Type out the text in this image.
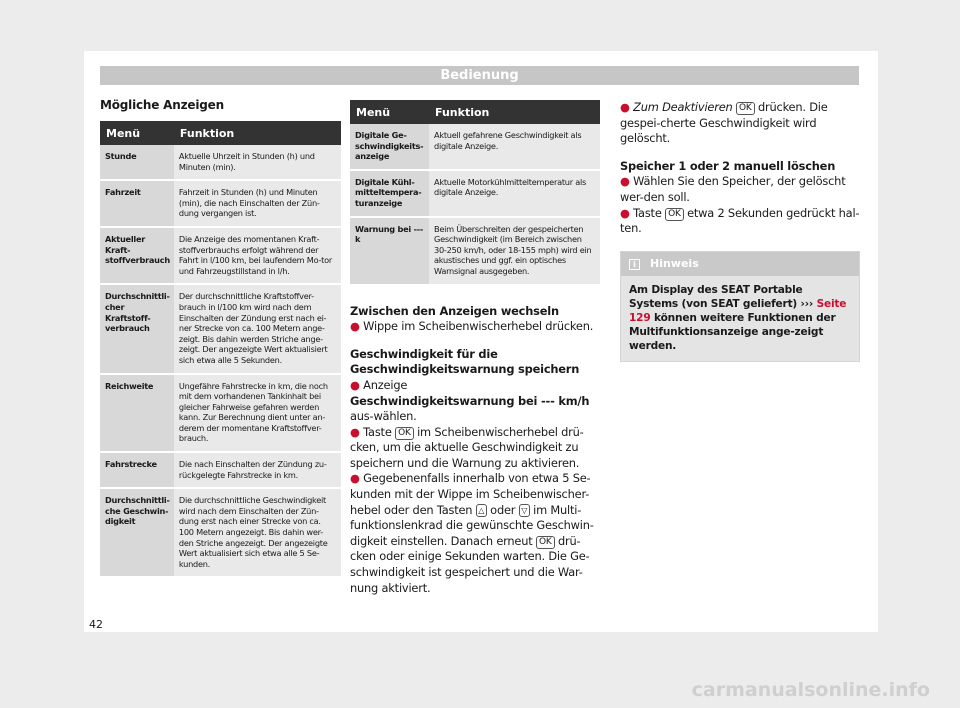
Bedienung
Mögliche Anzeigen
Menü	Funktion
Stunde	Aktuelle Uhrzeit in Stunden (h) und Minuten (min).
Fahrzeit	Fahrzeit in Stunden (h) und Minuten (min), die nach Einschalten der Zün-dung vergangen ist.
Aktueller Kraft-stoffverbrauch	Die Anzeige des momentanen Kraft-stoffverbrauchs erfolgt während der Fahrt in l/100 km, bei laufendem Mo-tor und Fahrzeugstillstand in l/h.
Durchschnittli-cher Kraftstoff-verbrauch	Der durchschnittliche Kraftstoffver-brauch in l/100 km wird nach dem Einschalten der Zündung erst nach ei-ner Strecke von ca. 100 Metern ange-zeigt. Bis dahin werden Striche ange-zeigt. Der angezeigte Wert aktualisiert sich etwa alle 5 Sekunden.
Reichweite	Ungefähre Fahrstrecke in km, die noch mit dem vorhandenen Tankinhalt bei gleicher Fahrweise gefahren werden kann. Zur Berechnung dient unter an-derem der momentane Kraftstoffver-brauch.
Fahrstrecke	Die nach Einschalten der Zündung zu-rückgelegte Fahrstrecke in km.
Durchschnittli-che Geschwin-digkeit	Die durchschnittliche Geschwindigkeit wird nach dem Einschalten der Zün-dung erst nach einer Strecke von ca. 100 Metern angezeigt. Bis dahin wer-den Striche angezeigt. Der angezeigte Wert aktualisiert sich etwa alle 5 Se-kunden.
Menü	Funktion
Digitale Ge-schwindigkeits-anzeige	Aktuell gefahrene Geschwindigkeit als digitale Anzeige.
Digitale Kühl-mitteltempera-turanzeige	Aktuelle Motorkühlmitteltemperatur als digitale Anzeige.
Warnung bei --- k	Beim Überschreiten der gespeicherten Geschwindigkeit (im Bereich zwischen 30-250 km/h, oder 18-155 mph) wird ein akustisches und ggf. ein optisches Warnsignal ausgegeben.

Zwischen den Anzeigen wechseln

● Wippe im Scheibenwischerhebel drücken.

Geschwindigkeit für die Geschwindigkeitswarnung speichern

● Anzeige
Geschwindigkeitswarnung bei --- km/h aus-wählen.

● Taste OK im Scheibenwischerhebel drü-cken, um die aktuelle Geschwindigkeit zu speichern und die Warnung zu aktivieren.

● Gegebenenfalls innerhalb von etwa 5 Se-kunden mit der Wippe im Scheibenwischer-hebel oder den Tasten △ oder ▽ im Multi-funktionslenkrad die gewünschte Geschwin-digkeit einstellen. Danach erneut OK drü-cken oder einige Sekunden warten. Die Ge-schwindigkeit ist gespeichert und die War-nung aktiviert.

● Zum Deaktivieren OK drücken. Die gespei-cherte Geschwindigkeit wird gelöscht.

Speicher 1 oder 2 manuell löschen

● Wählen Sie den Speicher, der gelöscht wer-den soll.

● Taste OK etwa 2 Sekunden gedrückt hal-ten.

i Hinweis
Am Display des SEAT Portable Systems (von SEAT geliefert) ››› Seite 129 können weitere Funktionen der Multifunktionsanzeige ange-zeigt werden.
42
carmanualsonline.info
